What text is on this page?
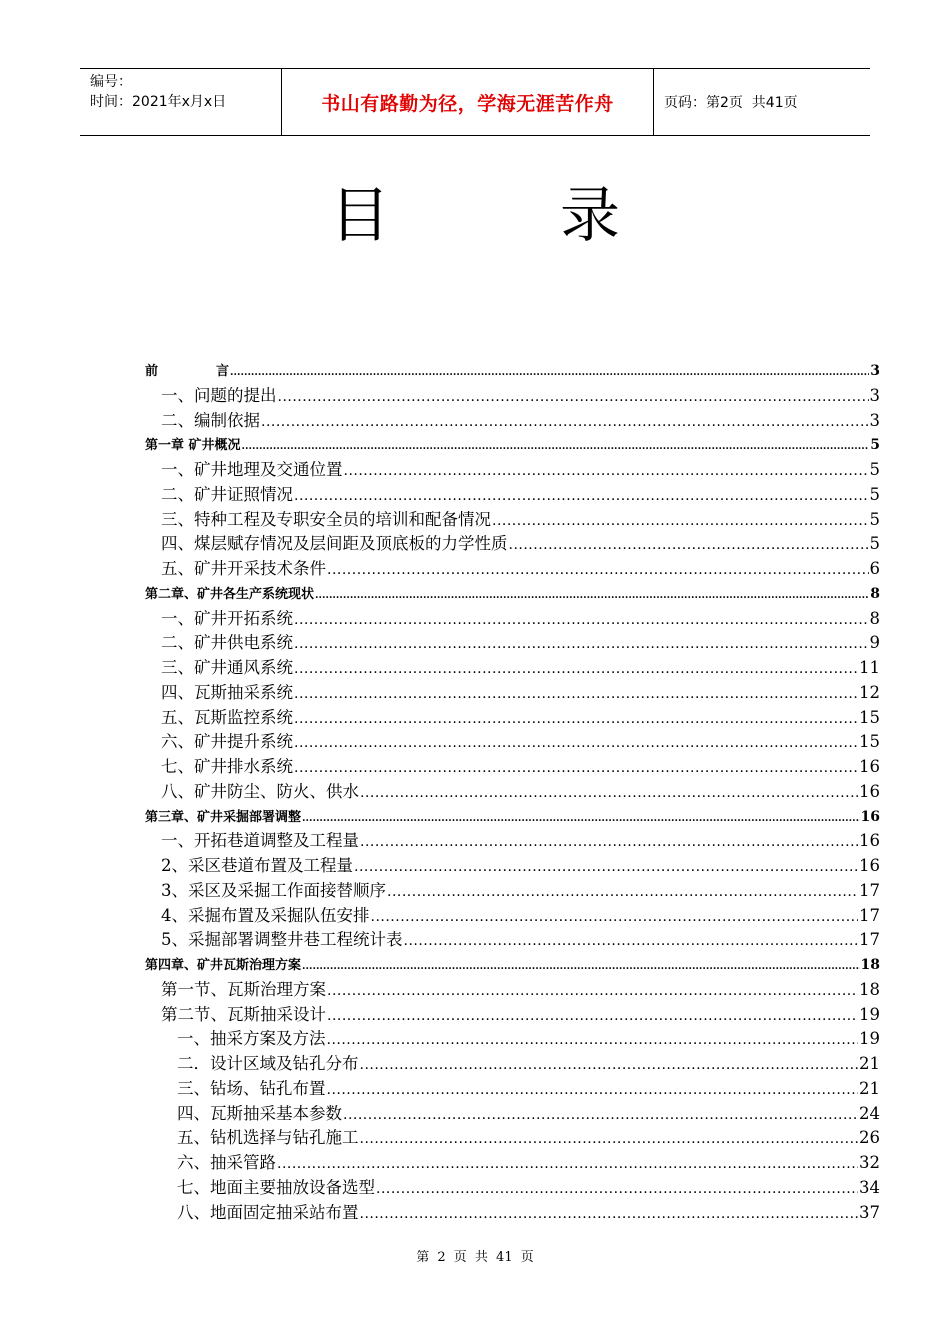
编号：
时间：2021年x月x日	书山有路勤为径，学海无涯苦作舟	页码：第2页  共41页
目	录
前	言 .....	3
一、问题的提出 .....	3
二、编制依据 .....	3
第一章 矿井概况 .....	5
一、矿井地理及交通位置 .....	5
二、矿井证照情况 .....	5
三、特种工程及专职安全员的培训和配备情况 .....	5
四、煤层赋存情况及层间距及顶底板的力学性质 .....	5
五、矿井开采技术条件 .....	6
第二章、矿井各生产系统现状 .....	8
一、矿井开拓系统 .....	8
二、矿井供电系统 .....	9
三、矿井通风系统 .....	11
四、瓦斯抽采系统 .....	12
五、瓦斯监控系统 .....	15
六、矿井提升系统 .....	15
七、矿井排水系统 .....	16
八、矿井防尘、防火、供水 .....	16
第三章、矿井采掘部署调整 .....	16
一、开拓巷道调整及工程量 .....	16
2、采区巷道布置及工程量 .....	16
3、采区及采掘工作面接替顺序 .....	17
4、采掘布置及采掘队伍安排 .....	17
5、采掘部署调整井巷工程统计表 .....	17
第四章、矿井瓦斯治理方案 .....	18
第一节、瓦斯治理方案 .....	18
第二节、瓦斯抽采设计 .....	19
一、抽采方案及方法 .....	19
二．设计区域及钻孔分布 .....	21
三、钻场、钻孔布置 .....	21
四、瓦斯抽采基本参数 .....	24
五、钻机选择与钻孔施工 .....	26
六、抽采管路 .....	32
七、地面主要抽放设备选型 .....	34
八、地面固定抽采站布置 .....	37
第 2 页 共 41 页
